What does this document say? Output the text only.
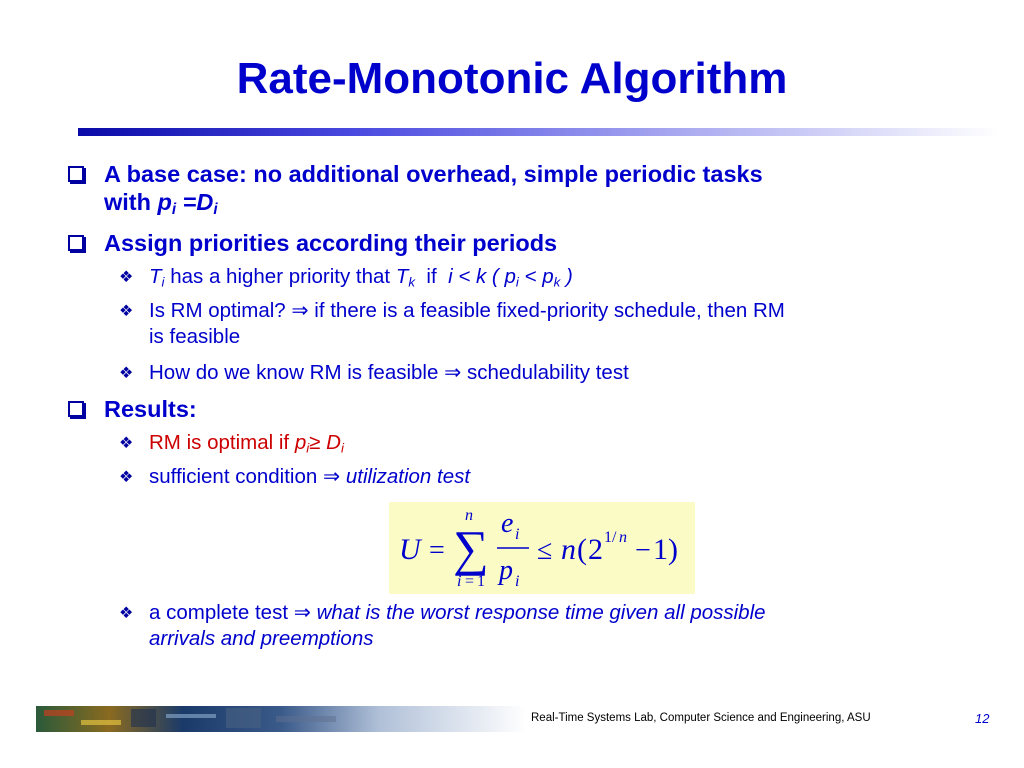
Rate-Monotonic Algorithm
A base case: no additional overhead, simple periodic tasks
with $p_i =D_i$
Assign priorities according their periods
❖ $T_i$ has a higher priority that $T_k$  if  i < k ( $p_i < p_k$ )
❖ Is RM optimal? ⇒ if there is a feasible fixed-priority schedule, then RM
is feasible
❖ How do we know RM is feasible ⇒ schedulability test
Results:
❖ RM is optimal if $p_i\ge D_i$
❖ sufficient condition ⇒ utilization test
U = ∑
n
i = 1
e i
p i
≤ n ( 2 1/ n − 1)
❖ a complete test ⇒ what is the worst response time given all possible
arrivals and preemptions
Real-Time Systems Lab, Computer Science and Engineering, ASU	12
